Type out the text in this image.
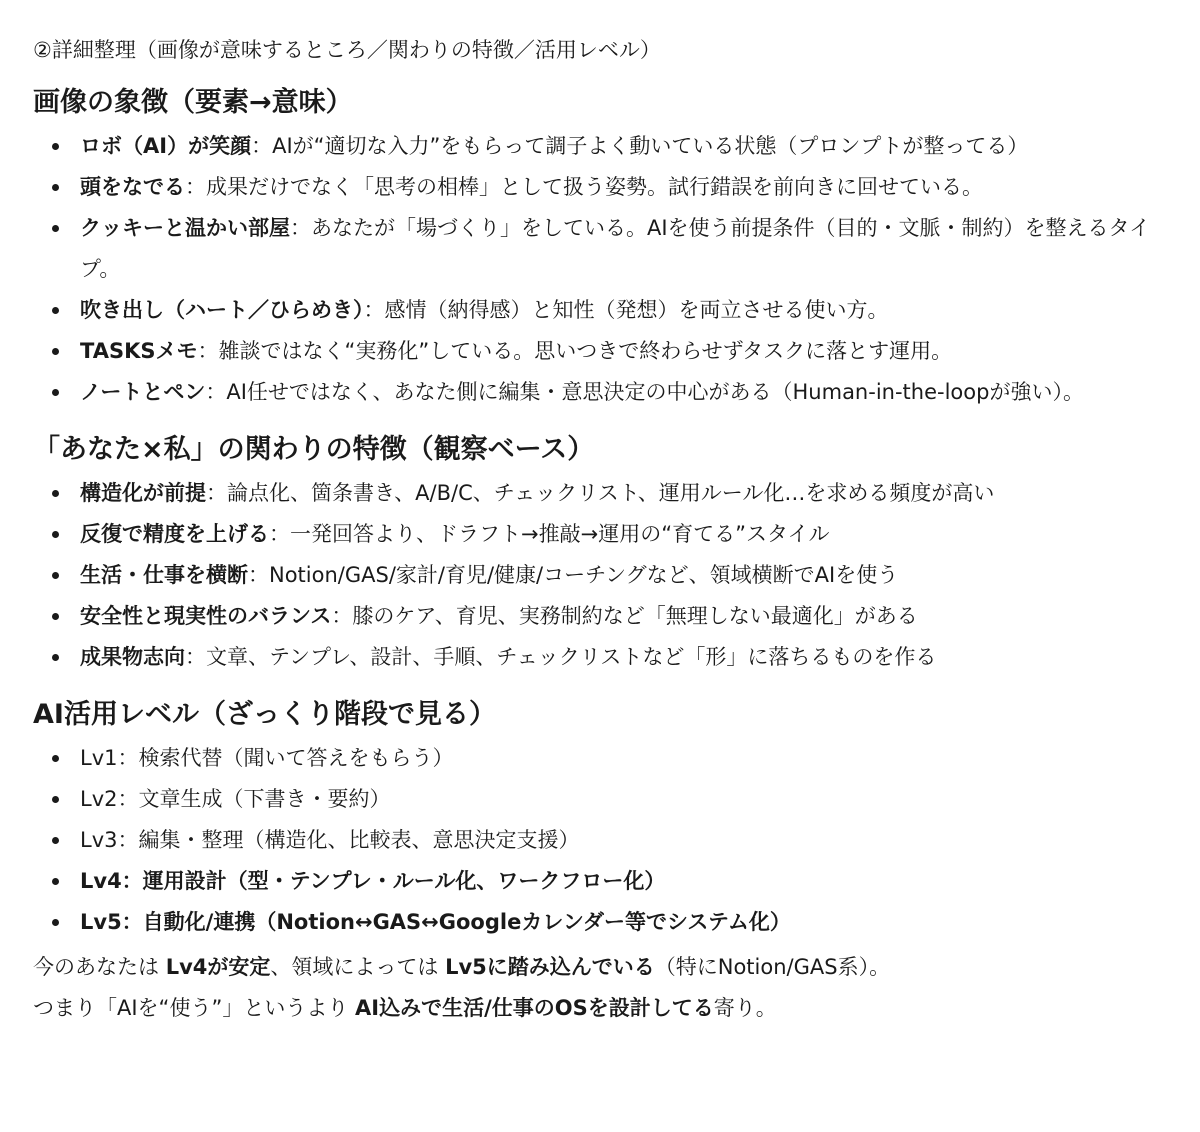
②詳細整理（画像が意味するところ／関わりの特徴／活用レベル）

画像の象徴（要素→意味）
ロボ（AI）が笑顔：AIが“適切な入力”をもらって調子よく動いている状態（プロンプトが整ってる）
頭をなでる：成果だけでなく「思考の相棒」として扱う姿勢。試行錯誤を前向きに回せている。
クッキーと温かい部屋：あなたが「場づくり」をしている。AIを使う前提条件（目的・文脈・制約）を整えるタイプ。
吹き出し（ハート／ひらめき）：感情（納得感）と知性（発想）を両立させる使い方。
TASKSメモ：雑談ではなく“実務化”している。思いつきで終わらせずタスクに落とす運用。
ノートとペン：AI任せではなく、あなた側に編集・意思決定の中心がある（Human-in-the-loopが強い）。
「あなた×私」の関わりの特徴（観察ベース）
構造化が前提：論点化、箇条書き、A/B/C、チェックリスト、運用ルール化…を求める頻度が高い
反復で精度を上げる：一発回答より、ドラフト→推敲→運用の“育てる”スタイル
生活・仕事を横断：Notion/GAS/家計/育児/健康/コーチングなど、領域横断でAIを使う
安全性と現実性のバランス：膝のケア、育児、実務制約など「無理しない最適化」がある
成果物志向：文章、テンプレ、設計、手順、チェックリストなど「形」に落ちるものを作る
AI活用レベル（ざっくり階段で見る）
Lv1：検索代替（聞いて答えをもらう）
Lv2：文章生成（下書き・要約）
Lv3：編集・整理（構造化、比較表、意思決定支援）
Lv4：運用設計（型・テンプレ・ルール化、ワークフロー化）
Lv5：自動化/連携（Notion↔GAS↔Googleカレンダー等でシステム化）

今のあなたは Lv4が安定、領域によっては Lv5に踏み込んでいる（特にNotion/GAS系）。

つまり「AIを“使う”」というより AI込みで生活/仕事のOSを設計してる寄り。
